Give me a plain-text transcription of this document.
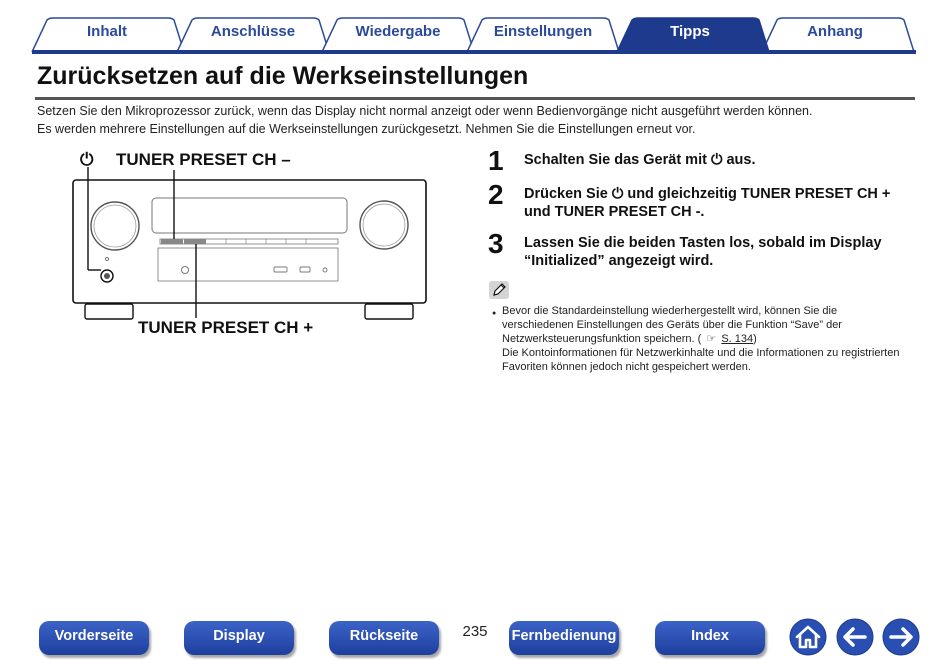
Inhalt	Anschlüsse	Wiedergabe	Einstellungen	Tipps	Anhang
Zurücksetzen auf die Werkseinstellungen
Setzen Sie den Mikroprozessor zurück, wenn das Display nicht normal anzeigt oder wenn Bedienvorgänge nicht ausgeführt werden können.
Es werden mehrere Einstellungen auf die Werkseinstellungen zurückgesetzt. Nehmen Sie die Einstellungen erneut vor.
⏻ TUNER PRESET CH –
TUNER PRESET CH +
1 Schalten Sie das Gerät mit ⏻ aus.
2 Drücken Sie ⏻ und gleichzeitig TUNER PRESET CH +
und TUNER PRESET CH -.
3 Lassen Sie die beiden Tasten los, sobald im Display
“Initialized” angezeigt wird.
● Bevor die Standardeinstellung wiederhergestellt wird, können Sie die
verschiedenen Einstellungen des Geräts über die Funktion “Save” der
Netzwerksteuerungsfunktion speichern. ( ☞ S. 134)
Die Kontoinformationen für Netzwerkinhalte und die Informationen zu registrierten
Favoriten können jedoch nicht gespeichert werden.
Vorderseite	Display	Rückseite	235	Fernbedienung	Index
